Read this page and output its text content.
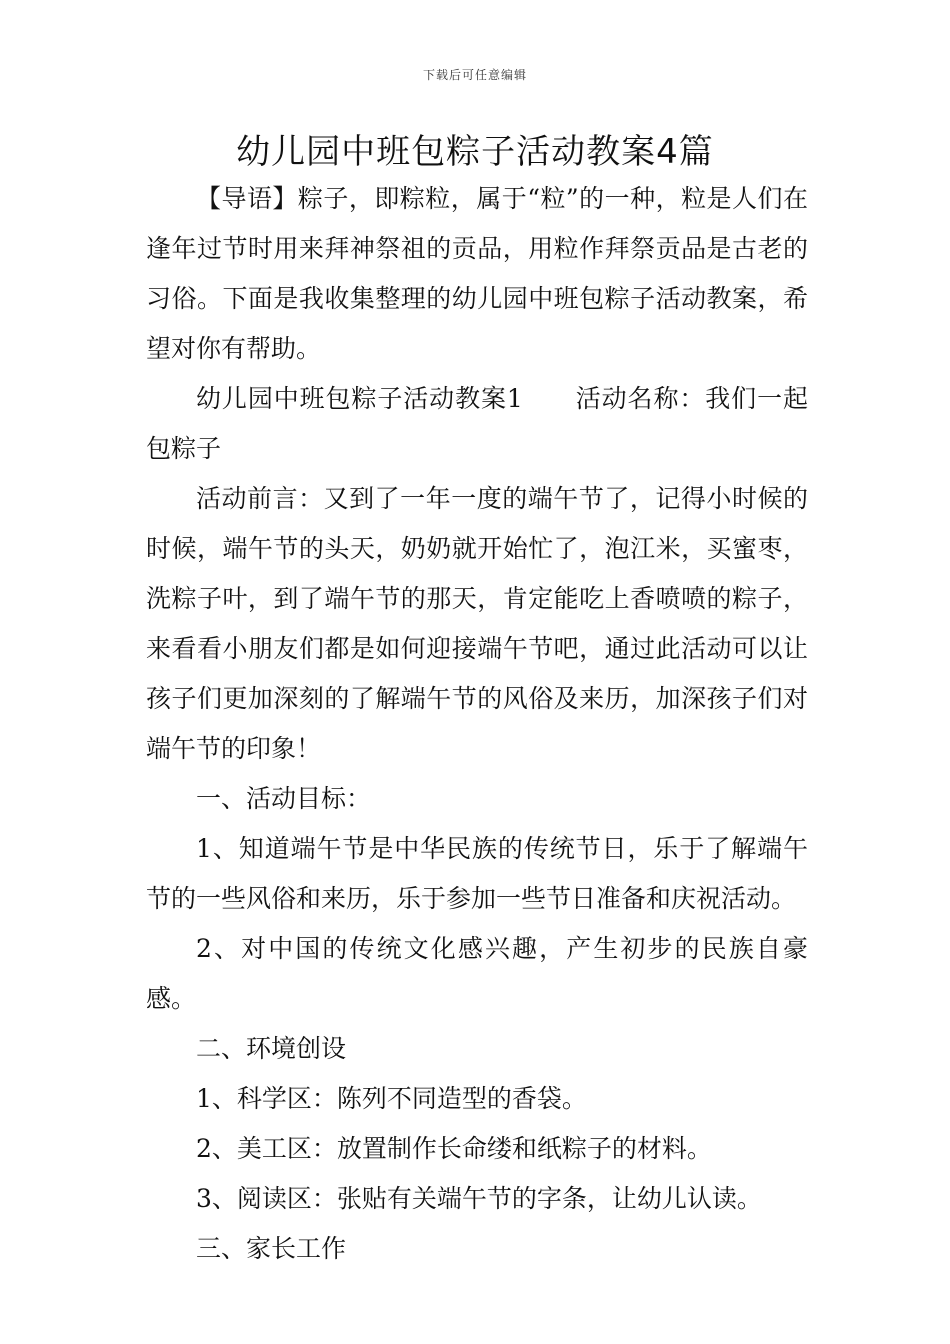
下载后可任意编辑
幼儿园中班包粽子活动教案4篇

【导语】粽子，即粽粒，属于“粒”的一种，粒是人们在逢年过节时用来拜神祭祖的贡品，用粒作拜祭贡品是古老的习俗。下面是我收集整理的幼儿园中班包粽子活动教案，希望对你有帮助。

幼儿园中班包粽子活动教案1 活动名称：我们一起包粽子

活动前言：又到了一年一度的端午节了，记得小时候的时候，端午节的头天，奶奶就开始忙了，泡江米，买蜜枣，洗粽子叶，到了端午节的那天，肯定能吃上香喷喷的粽子，来看看小朋友们都是如何迎接端午节吧，通过此活动可以让孩子们更加深刻的了解端午节的风俗及来历，加深孩子们对端午节的印象！

一、活动目标：

1、知道端午节是中华民族的传统节日，乐于了解端午节的一些风俗和来历，乐于参加一些节日准备和庆祝活动。

2、对中国的传统文化感兴趣，产生初步的民族自豪感。

二、环境创设

1、科学区：陈列不同造型的香袋。

2、美工区：放置制作长命缕和纸粽子的材料。

3、阅读区：张贴有关端午节的字条，让幼儿认读。

三、家长工作
